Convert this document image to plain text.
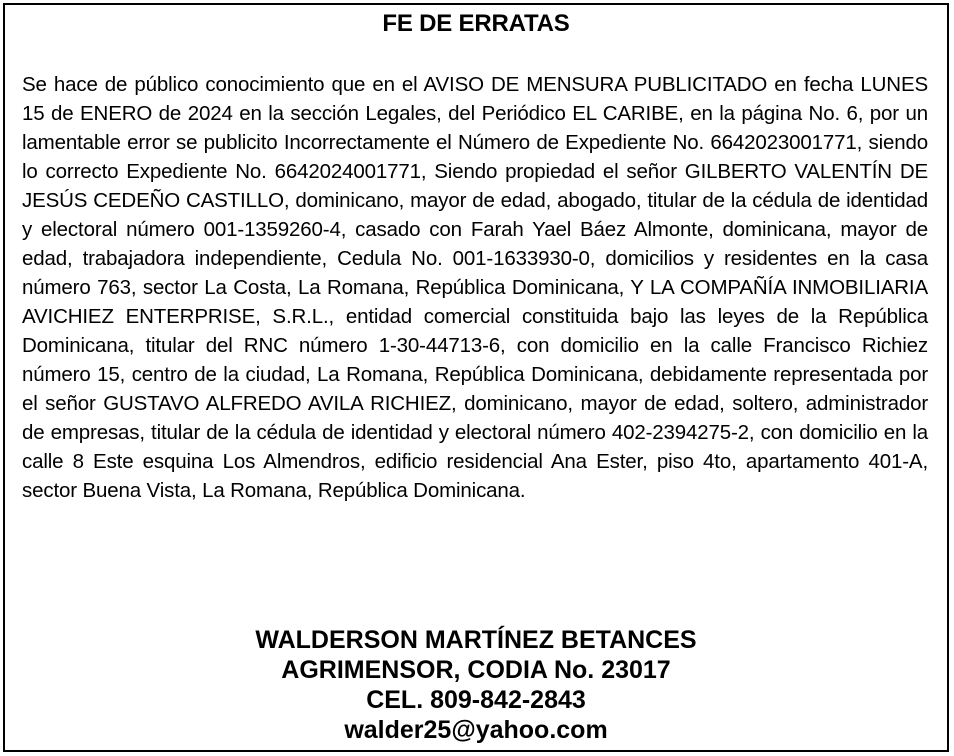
FE DE ERRATAS

Se hace de público conocimiento que en el AVISO DE MENSURA PUBLICITADO en fecha LUNES 15 de ENERO de 2024 en la sección Legales, del Periódico EL CARIBE, en la página No. 6, por un lamentable error se publicito Incorrectamente el Número de Expediente No. 6642023001771, siendo lo correcto Expediente No. 6642024001771, Siendo propiedad el señor GILBERTO VALENTÍN DE JESÚS CEDEÑO CASTILLO, dominicano, mayor de edad, abogado, titular de la cédula de identidad y electoral número 001-1359260-4, casado con Farah Yael Báez Almonte, dominicana, mayor de edad, trabajadora independiente, Cedula No. 001-1633930-0, domicilios y residentes en la casa número 763, sector La Costa, La Romana, República Dominicana, Y LA COMPAÑÍA INMOBILIARIA AVICHIEZ ENTERPRISE, S.R.L., entidad comercial constituida bajo las leyes de la República Dominicana, titular del RNC número 1-30-44713-6, con domicilio en la calle Francisco Richiez número 15, centro de la ciudad, La Romana, República Dominicana, debidamente representada por el señor GUSTAVO ALFREDO AVILA RICHIEZ, dominicano, mayor de edad, soltero, administrador de empresas, titular de la cédula de identidad y electoral número 402-2394275-2, con domicilio en la calle 8 Este esquina Los Almendros, edificio residencial Ana Ester, piso 4to, apartamento 401-A, sector Buena Vista, La Romana, República Dominicana.

WALDERSON MARTÍNEZ BETANCES
AGRIMENSOR, CODIA No. 23017
CEL. 809-842-2843
walder25@yahoo.com
